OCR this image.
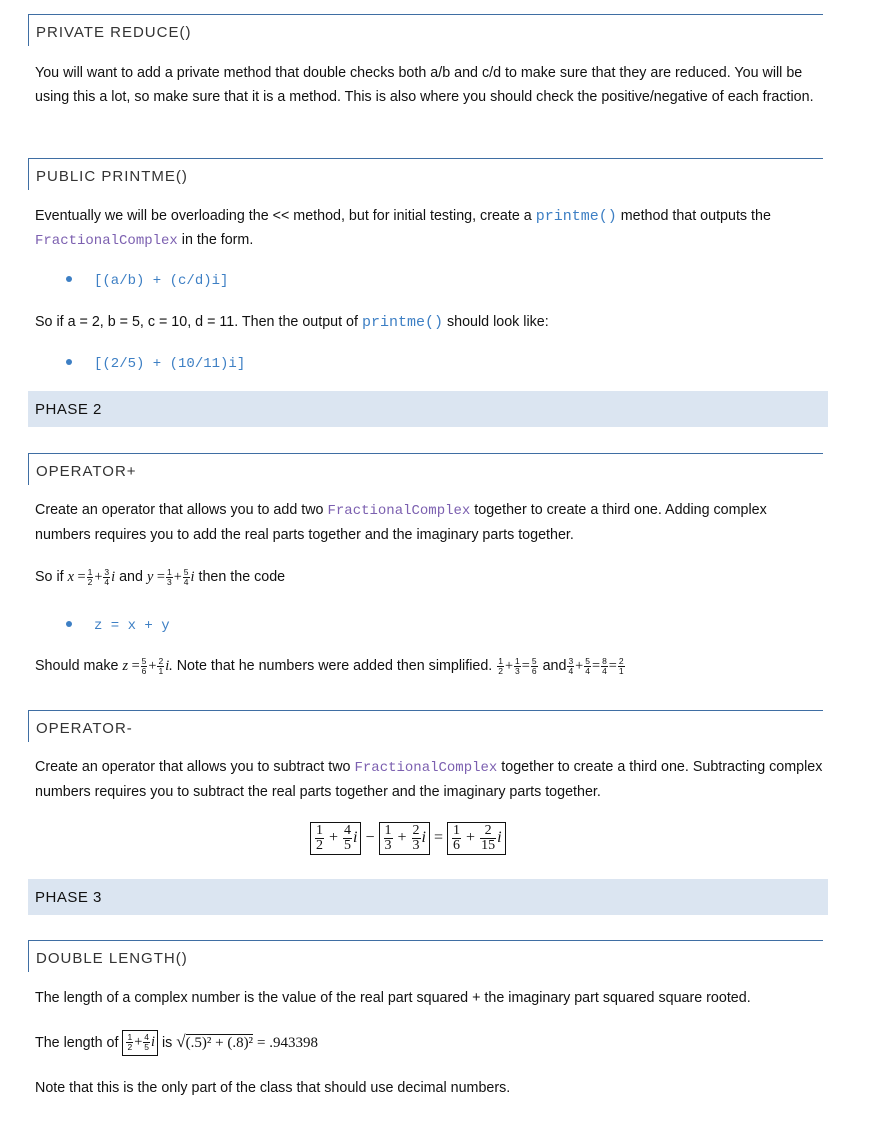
PRIVATE REDUCE()

You will want to add a private method that double checks both a/b and c/d to make sure that they are reduced. You will be using this a lot, so make sure that it is a method. This is also where you should check the positive/negative of each fraction.

PUBLIC PRINTME()

Eventually we will be overloading the << method, but for initial testing, create a printme() method that outputs the FractionalComplex in the form.

[(a/b) + (c/d)i]

So if a = 2, b = 5, c = 10, d = 11. Then the output of printme() should look like:

[(2/5) + (10/11)i]
PHASE 2
OPERATOR+

Create an operator that allows you to add two FractionalComplex together to create a third one. Adding complex numbers requires you to add the real parts together and the imaginary parts together.

So if $x = \frac{1}{2} + \frac{3}{4}$ i and $y = \frac{1}{3} + \frac{5}{4}$ i then the code

z = x + y

Should make $z = \frac{5}{6} + \frac{2}{1} i$. Note that he numbers were added then simplified. $\frac{1}{2} + \frac{1}{3} = \frac{5}{6}$ and $\frac{3}{4} + \frac{5}{4} = \frac{8}{4} = \frac{2}{1}$

OPERATOR-

Create an operator that allows you to subtract two FractionalComplex together to create a third one. Subtracting complex numbers requires you to subtract the real parts together and the imaginary parts together.

$\frac{1}{2} + \frac{4}{5}$ $i - \frac{1}{3} + \frac{2}{3}$ $i = \frac{1}{6} + \frac{2}{15}$ i
PHASE 3
DOUBLE LENGTH()

The length of a complex number is the value of the real part squared + the imaginary part squared square rooted.

The length of $\frac{1}{2} + \frac{4}{5}$ i is √(.5)² + (.8)² = .943398

Note that this is the only part of the class that should use decimal numbers.
